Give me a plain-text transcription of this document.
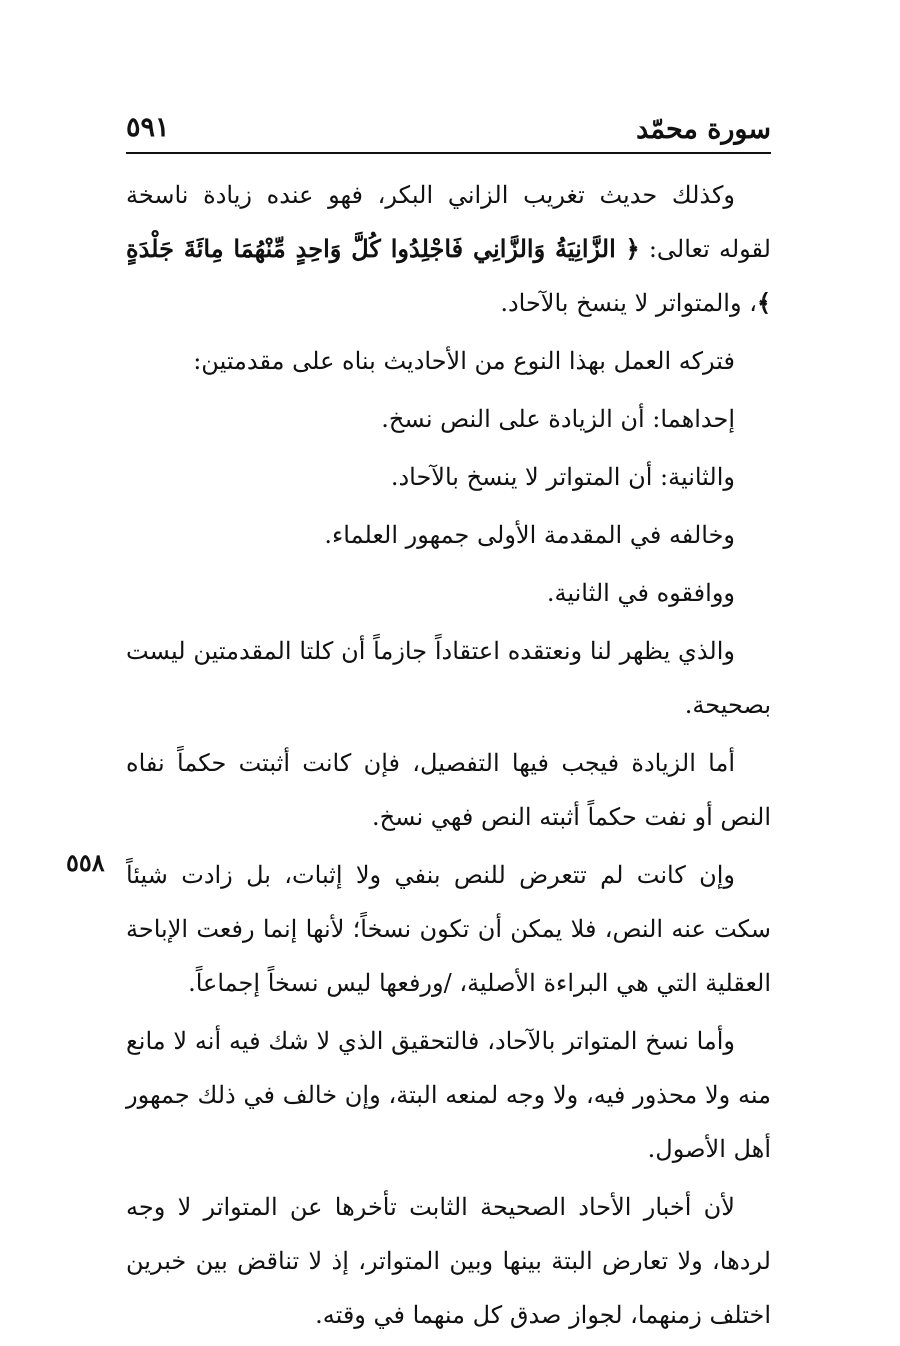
سورة محمّد
٥٩١

وكذلك حديث تغريب الزاني البكر، فهو عنده زيادة ناسخة لقوله تعالى: ﴿ الزَّانِيَةُ وَالزَّانِي فَاجْلِدُوا كُلَّ وَاحِدٍ مِّنْهُمَا مِائَةَ جَلْدَةٍ ﴾، والمتواتر لا ينسخ بالآحاد.

فتركه العمل بهذا النوع من الأحاديث بناه على مقدمتين:

إحداهما: أن الزيادة على النص نسخ.

والثانية: أن المتواتر لا ينسخ بالآحاد.

وخالفه في المقدمة الأولى جمهور العلماء.

ووافقوه في الثانية.

والذي يظهر لنا ونعتقده اعتقاداً جازماً أن كلتا المقدمتين ليست بصحيحة.

أما الزيادة فيجب فيها التفصيل، فإن كانت أثبتت حكماً نفاه النص أو نفت حكماً أثبته النص فهي نسخ.

وإن كانت لم تتعرض للنص بنفي ولا إثبات، بل زادت شيئاً سكت عنه النص، فلا يمكن أن تكون نسخاً؛ لأنها إنما رفعت الإباحة العقلية التي هي البراءة الأصلية، /ورفعها ليس نسخاً إجماعاً.

وأما نسخ المتواتر بالآحاد، فالتحقيق الذي لا شك فيه أنه لا مانع منه ولا محذور فيه، ولا وجه لمنعه البتة، وإن خالف في ذلك جمهور أهل الأصول.

لأن أخبار الأحاد الصحيحة الثابت تأخرها عن المتواتر لا وجه لردها، ولا تعارض البتة بينها وبين المتواتر، إذ لا تناقض بين خبرين اختلف زمنهما، لجواز صدق كل منهما في وقته.

٥٥٨
